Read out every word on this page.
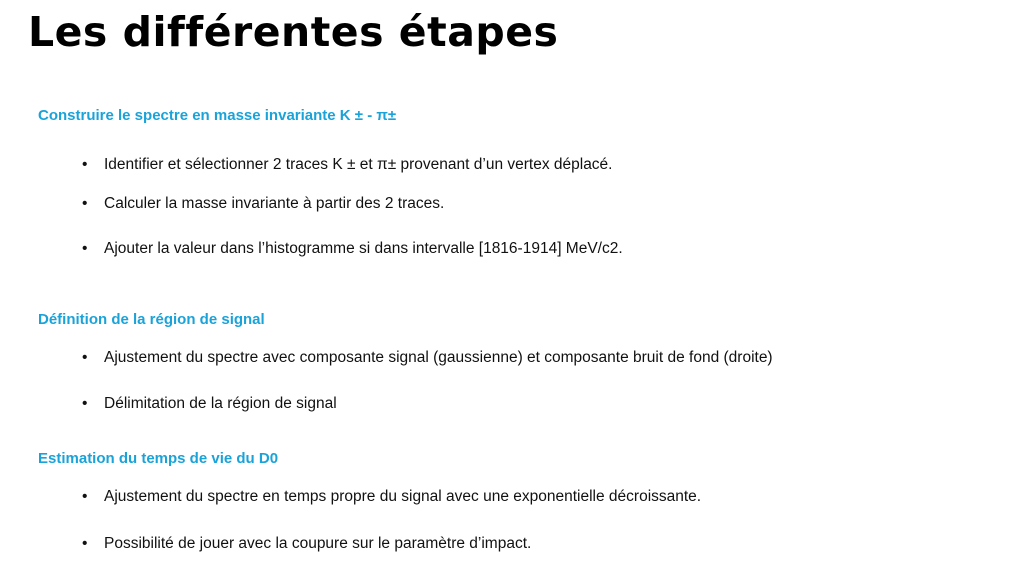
Les différentes étapes
Construire le spectre en masse invariante K ± - π±
• Identifier et sélectionner 2 traces K ± et π± provenant d’un vertex déplacé.
• Calculer la masse invariante à partir des 2 traces.
• Ajouter la valeur dans l’histogramme si dans intervalle [1816-1914] MeV/c2.
Définition de la région de signal
• Ajustement du spectre avec composante signal (gaussienne) et composante bruit de fond (droite)
• Délimitation de la région de signal
Estimation du temps de vie du D0
• Ajustement du spectre en temps propre du signal avec une exponentielle décroissante.
• Possibilité de jouer avec la coupure sur le paramètre d’impact.
